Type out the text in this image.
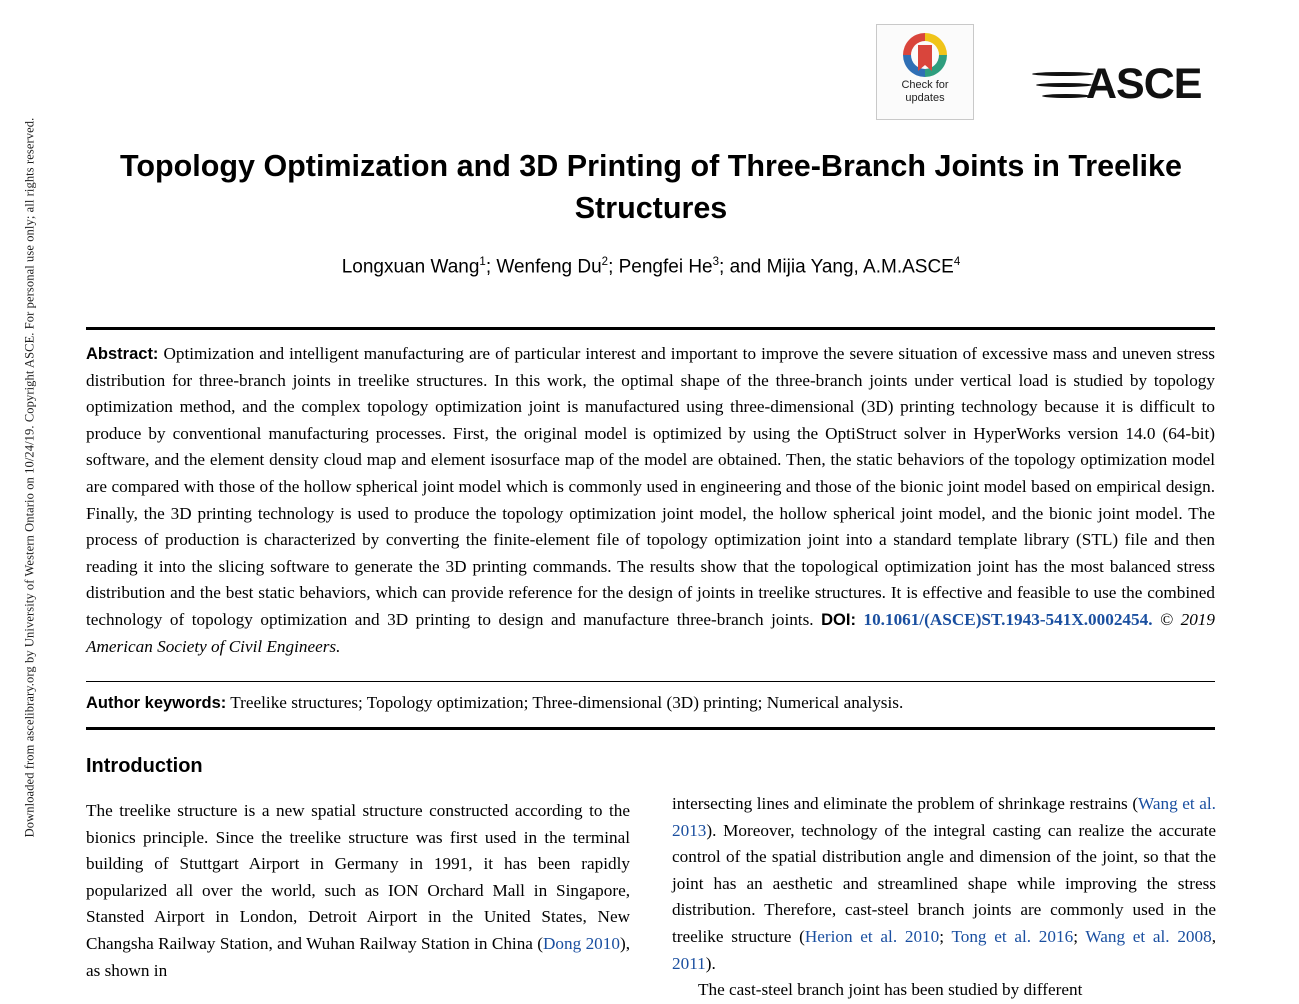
Downloaded from ascelibrary.org by University of Western Ontario on 10/24/19. Copyright ASCE. For personal use only; all rights reserved.
Check for
updates	ASCE
Topology Optimization and 3D Printing of Three-Branch Joints in Treelike Structures
Longxuan Wang$^1$; Wenfeng Du$^2$; Pengfei He$^3$; and Mijia Yang, A.M.ASCE$^4$
Abstract: Optimization and intelligent manufacturing are of particular interest and important to improve the severe situation of excessive mass and uneven stress distribution for three-branch joints in treelike structures. In this work, the optimal shape of the three-branch joints under vertical load is studied by topology optimization method, and the complex topology optimization joint is manufactured using three-dimensional (3D) printing technology because it is difficult to produce by conventional manufacturing processes. First, the original model is optimized by using the OptiStruct solver in HyperWorks version 14.0 (64-bit) software, and the element density cloud map and element isosurface map of the model are obtained. Then, the static behaviors of the topology optimization model are compared with those of the hollow spherical joint model which is commonly used in engineering and those of the bionic joint model based on empirical design. Finally, the 3D printing technology is used to produce the topology optimization joint model, the hollow spherical joint model, and the bionic joint model. The process of production is characterized by converting the finite-element file of topology optimization joint into a standard template library (STL) file and then reading it into the slicing software to generate the 3D printing commands. The results show that the topological optimization joint has the most balanced stress distribution and the best static behaviors, which can provide reference for the design of joints in treelike structures. It is effective and feasible to use the combined technology of topology optimization and 3D printing to design and manufacture three-branch joints. DOI: 10.1061/(ASCE)ST.1943-541X.0002454. © 2019 American Society of Civil Engineers.
Author keywords: Treelike structures; Topology optimization; Three-dimensional (3D) printing; Numerical analysis.
Introduction
The treelike structure is a new spatial structure constructed according to the bionics principle. Since the treelike structure was first used in the terminal building of Stuttgart Airport in Germany in 1991, it has been rapidly popularized all over the world, such as ION Orchard Mall in Singapore, Stansted Airport in London, Detroit Airport in the United States, New Changsha Railway Station, and Wuhan Railway Station in China (Dong 2010), as shown in
intersecting lines and eliminate the problem of shrinkage restrains (Wang et al. 2013). Moreover, technology of the integral casting can realize the accurate control of the spatial distribution angle and dimension of the joint, so that the joint has an aesthetic and streamlined shape while improving the stress distribution. Therefore, cast-steel branch joints are commonly used in the treelike structure (Herion et al. 2010; Tong et al. 2016; Wang et al. 2008, 2011).
The cast-steel branch joint has been studied by different
